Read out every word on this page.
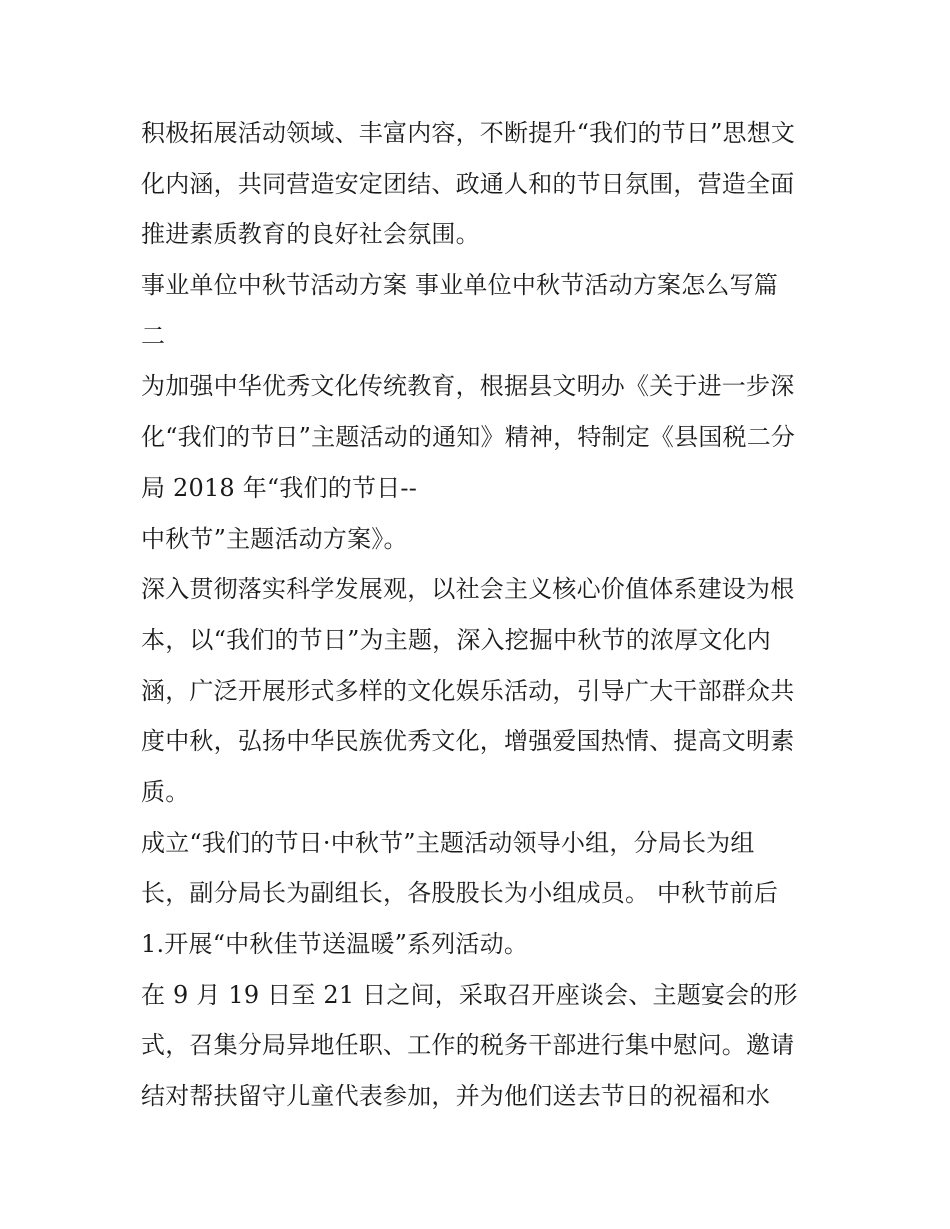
积极拓展活动领域、丰富内容，不断提升“我们的节日”思想文
化内涵，共同营造安定团结、政通人和的节日氛围，营造全面
推进素质教育的良好社会氛围。
事业单位中秋节活动方案 事业单位中秋节活动方案怎么写篇
二
为加强中华优秀文化传统教育，根据县文明办《关于进一步深
化“我们的节日”主题活动的通知》精神，特制定《县国税二分
局 2018 年“我们的节日--
中秋节”主题活动方案》。
深入贯彻落实科学发展观，以社会主义核心价值体系建设为根
本，以“我们的节日”为主题，深入挖掘中秋节的浓厚文化内
涵，广泛开展形式多样的文化娱乐活动，引导广大干部群众共
度中秋，弘扬中华民族优秀文化，增强爱国热情、提高文明素
质。
成立“我们的节日·中秋节”主题活动领导小组，分局长为组
长，副分局长为副组长，各股股长为小组成员。 中秋节前后
1.开展“中秋佳节送温暖”系列活动。
在 9 月 19 日至 21 日之间，采取召开座谈会、主题宴会的形
式，召集分局异地任职、工作的税务干部进行集中慰问。邀请
结对帮扶留守儿童代表参加，并为他们送去节日的祝福和水
